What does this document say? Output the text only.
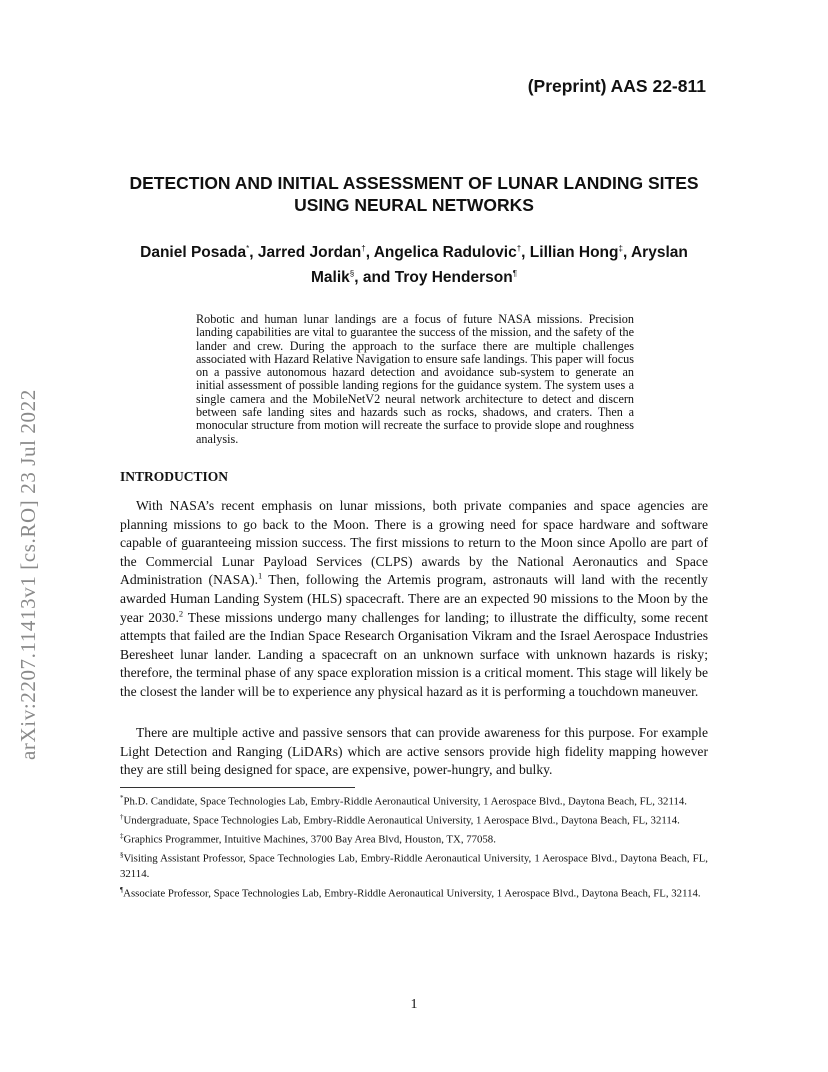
(Preprint) AAS 22-811
arXiv:2207.11413v1 [cs.RO] 23 Jul 2022
DETECTION AND INITIAL ASSESSMENT OF LUNAR LANDING SITES USING NEURAL NETWORKS
Daniel Posada*, Jarred Jordan†, Angelica Radulovic†, Lillian Hong‡, Aryslan Malik§, and Troy Henderson¶
Robotic and human lunar landings are a focus of future NASA missions. Precision landing capabilities are vital to guarantee the success of the mission, and the safety of the lander and crew. During the approach to the surface there are multiple challenges associated with Hazard Relative Navigation to ensure safe landings. This paper will focus on a passive autonomous hazard detection and avoidance sub-system to generate an initial assessment of possible landing regions for the guidance system. The system uses a single camera and the MobileNetV2 neural network architecture to detect and discern between safe landing sites and hazards such as rocks, shadows, and craters. Then a monocular structure from motion will recreate the surface to provide slope and roughness analysis.
INTRODUCTION
With NASA’s recent emphasis on lunar missions, both private companies and space agencies are planning missions to go back to the Moon. There is a growing need for space hardware and software capable of guaranteeing mission success. The first missions to return to the Moon since Apollo are part of the Commercial Lunar Payload Services (CLPS) awards by the National Aeronautics and Space Administration (NASA).$^1$ Then, following the Artemis program, astronauts will land with the recently awarded Human Landing System (HLS) spacecraft. There are an expected 90 missions to the Moon by the year 2030.$^2$ These missions undergo many challenges for landing; to illustrate the difficulty, some recent attempts that failed are the Indian Space Research Organisation Vikram and the Israel Aerospace Industries Beresheet lunar lander. Landing a spacecraft on an unknown surface with unknown hazards is risky; therefore, the terminal phase of any space exploration mission is a critical moment. This stage will likely be the closest the lander will be to experience any physical hazard as it is performing a touchdown maneuver.
There are multiple active and passive sensors that can provide awareness for this purpose. For example Light Detection and Ranging (LiDARs) which are active sensors provide high fidelity mapping however they are still being designed for space, are expensive, power-hungry, and bulky.

*Ph.D. Candidate, Space Technologies Lab, Embry-Riddle Aeronautical University, 1 Aerospace Blvd., Daytona Beach, FL, 32114.

†Undergraduate, Space Technologies Lab, Embry-Riddle Aeronautical University, 1 Aerospace Blvd., Daytona Beach, FL, 32114.

‡Graphics Programmer, Intuitive Machines, 3700 Bay Area Blvd, Houston, TX, 77058.

§Visiting Assistant Professor, Space Technologies Lab, Embry-Riddle Aeronautical University, 1 Aerospace Blvd., Daytona Beach, FL, 32114.

¶Associate Professor, Space Technologies Lab, Embry-Riddle Aeronautical University, 1 Aerospace Blvd., Daytona Beach, FL, 32114.

1
